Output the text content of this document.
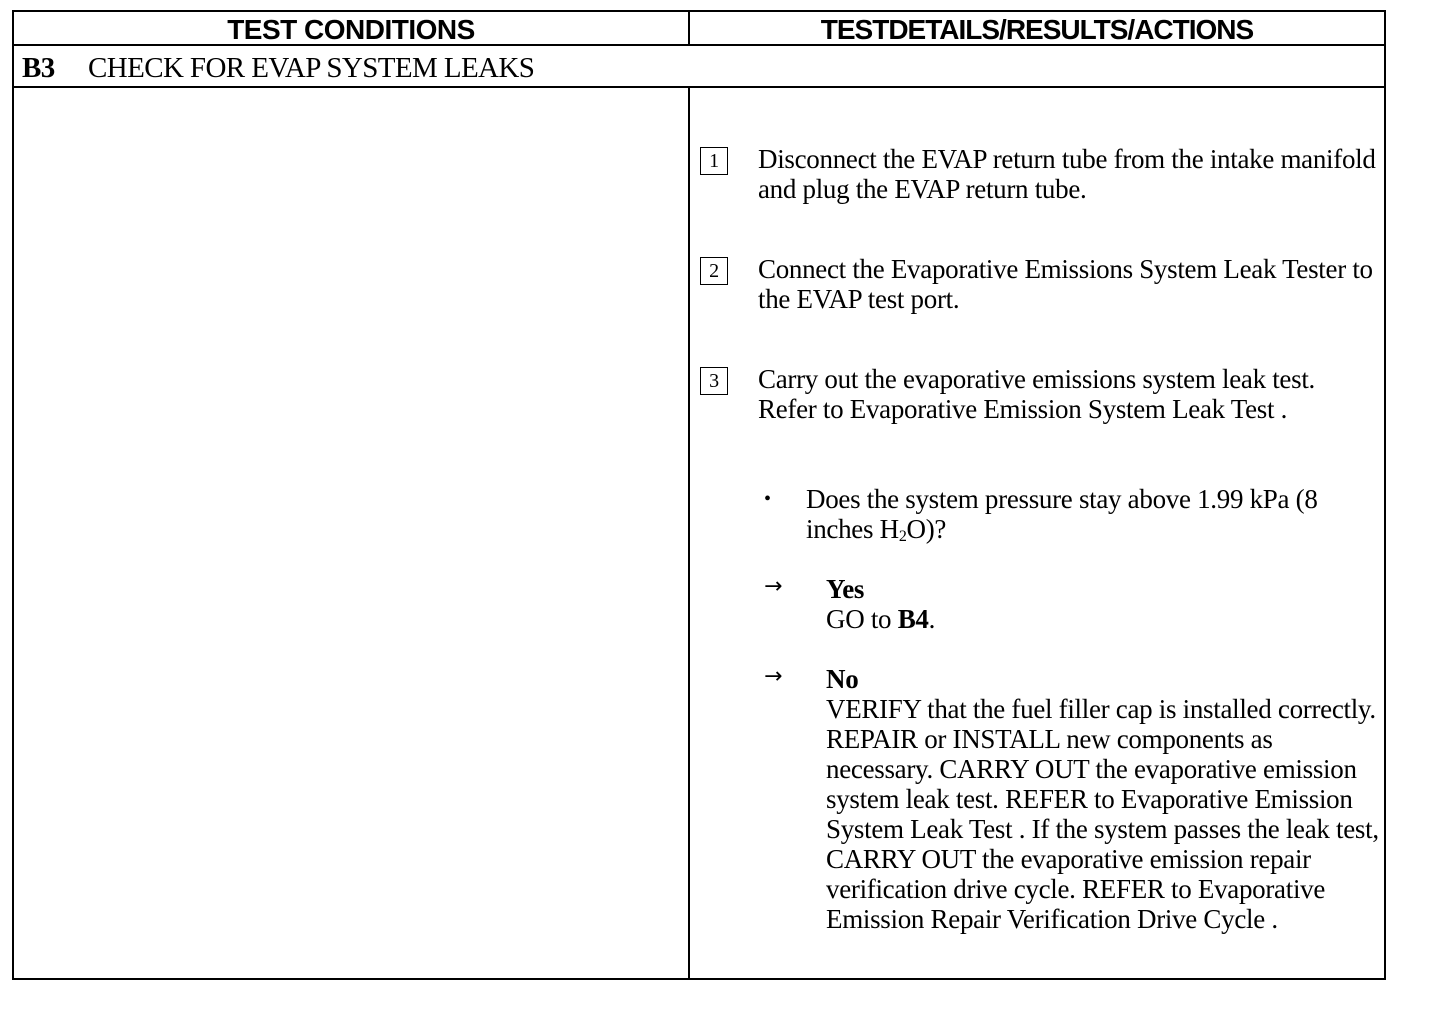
TEST CONDITIONS	TESTDETAILS/RESULTS/ACTIONS
B3 CHECK FOR EVAP SYSTEM LEAKS
1	Disconnect the EVAP return tube from the intake manifold and plug the EVAP return tube.
2	Connect the Evaporative Emissions System Leak Tester to the EVAP test port.
3	Carry out the evaporative emissions system leak test. Refer to Evaporative Emission System Leak Test .
• Does the system pressure stay above 1.99 kPa (8 inches $H_2O$)?
→ Yes
GO to B4.
→ No
VERIFY that the fuel filler cap is installed correctly. REPAIR or INSTALL new components as necessary. CARRY OUT the evaporative emission system leak test. REFER to Evaporative Emission System Leak Test . If the system passes the leak test, CARRY OUT the evaporative emission repair verification drive cycle. REFER to Evaporative Emission Repair Verification Drive Cycle .
